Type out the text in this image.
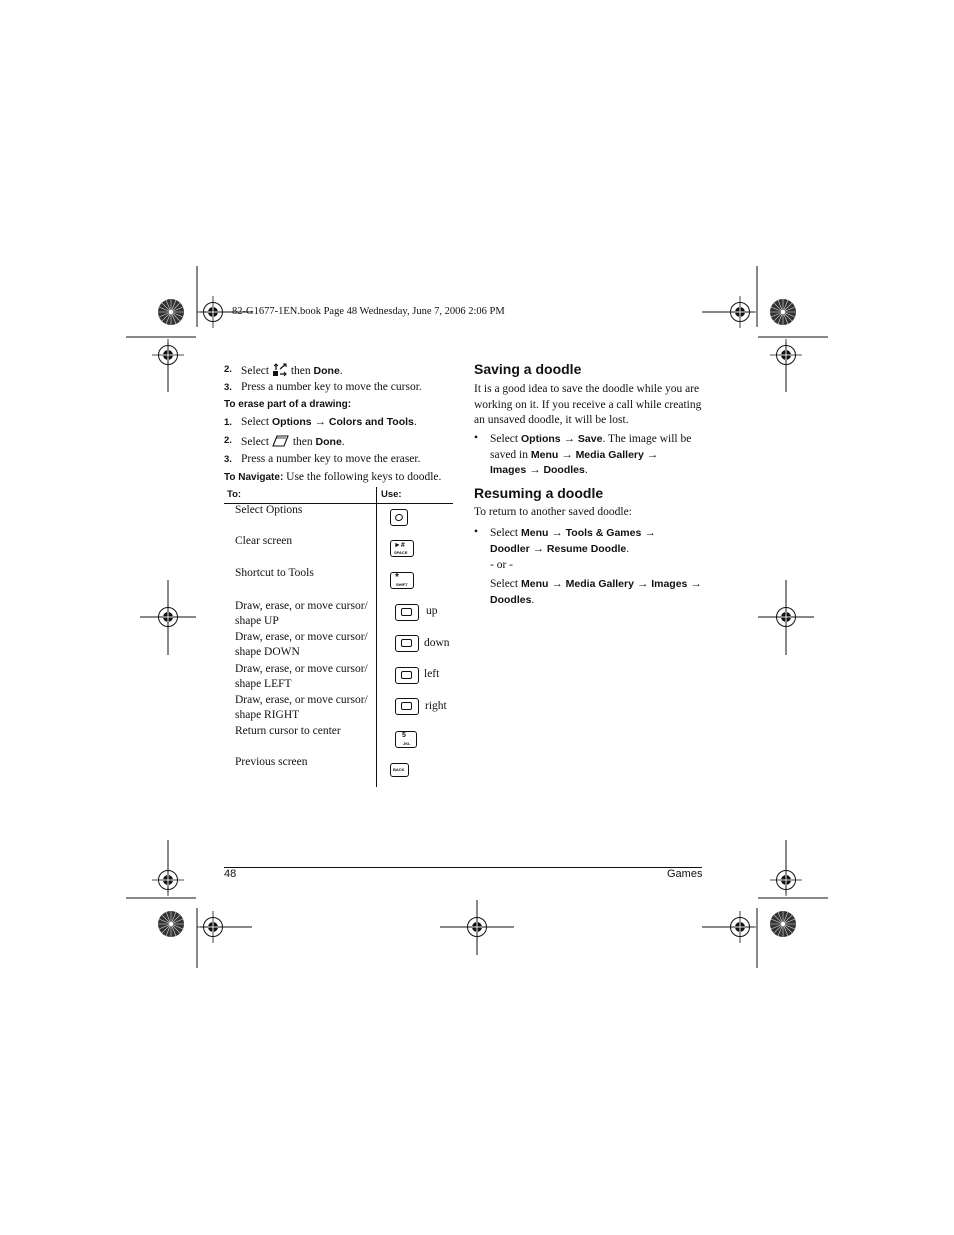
82-G1677-1EN.book Page 48 Wednesday, June 7, 2006 2:06 PM
2. Select then Done.
3. Press a number key to move the cursor.
To erase part of a drawing:
1. Select Options → Colors and Tools.
2. Select then Done.
3. Press a number key to move the eraser.
To Navigate: Use the following keys to doodle.
To:	Use:
Select Options
Clear screen
Shortcut to Tools
Draw, erase, or move cursor/
shape UP
Draw, erase, or move cursor/
shape DOWN
Draw, erase, or move cursor/
shape LEFT
Draw, erase, or move cursor/
shape RIGHT
Return cursor to center
Previous screen
►#
SPACE
*
SHIFT
up
down
left
right
5
JKL
BACK
Saving a doodle
It is a good idea to save the doodle while you are
working on it. If you receive a call while creating
an unsaved doodle, it will be lost.
• Select Options → Save. The image will be
saved in Menu → Media Gallery →
Images → Doodles.
Resuming a doodle
To return to another saved doodle:
• Select Menu → Tools & Games →
Doodler → Resume Doodle.
- or -
Select Menu → Media Gallery → Images →
Doodles.
48	Games
